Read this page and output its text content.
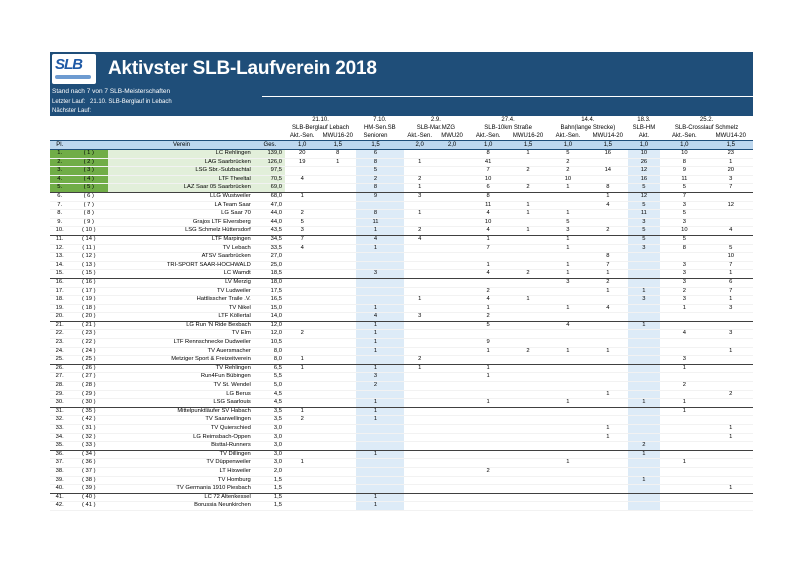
SLB Aktivster SLB-Laufverein 2018
Stand nach 7 von 7 SLB-Meisterschaften
Letzter Lauf: 21.10. SLB-Berglauf in Lebach
Nächster Lauf:
				21.10.		7.10.		2.9.		27.4.		14.4.		18.3.	25.2.	
				SLB-Berglauf Lebach		HM-Sen.SB		SLB-Mar.MZG		SLB-10km Straße		Bahn(lange Strecke)		SLB-HM	SLB-Crosslauf Schmelz	
				Akt.-Sen.	MWU16-20	Senioren		Akt.-Sen.	MWU20	Akt.-Sen.	MWU16-20	Akt.-Sen.	MWU14-20	Akt.	Akt.-Sen.	MWU14-20
Pl.		Verein	Ges.	1,0	1,5	1,5		2,0	2,0	1,0	1,5	1,0	1,5	1,0	1,0	1,5
1.	( 1 )	LC Rehlingen	139,0	20	8	6				8	1	5	16	10	10	23
2.	( 2 )	LAG Saarbrücken	126,0	19	1	8		1		41		2		26	8	1
3.	( 3 )	LSG Sbr.-Sulzbachtal	97,5			5				7	2	2	14	12	9	20
4.	( 4 )	LTF Theeltal	70,5	4		2		2		10		10		16	11	3
5.	( 5 )	LAZ Saar 05 Saarbrücken	69,0			8		1		6	2	1	8	5	5	7
6.	( 6 )	LLG Wustweiler	68,0	1		9		3		8			1	12	7	
7.	( 7 )	LA Team Saar	47,0							11	1		4	5	3	12
8.	( 8 )	LG Saar 70	44,0	2		8		1		4	1	1		11	5	
9.	( 9 )	Grajos LTF Elversberg	44,0	5		11				10		5		3	3	
10.	( 10 )	LSG Schmelz Hüttersdorf	43,5	3		1		2		4	1	3	2	5	10	4
11.	( 14 )	LTF Marpingen	34,5	7		4		4		1		1		5	5	
12.	( 11 )	TV Lebach	33,5	4		1				7		1		3	8	5
13.	( 12 )	ATSV Saarbrücken	27,0										8			10
14.	( 13 )	TRI-SPORT SAAR-HOCHWALD	25,0							1		1	7		3	7
15.	( 15 )	LC Wamdt	18,5			3				4	2	1	1		3	1
16.	( 16 )	LV Merzig	18,0									3	2		3	6
17.	( 17 )	TV Ludweiler	17,5							2			1	1	2	7
18.	( 19 )	Hattlisscher Traile .V.	16,5					1		4	1			3	3	1
19.	( 18 )	TV Nikel	15,0			1				1		1	4		1	3
20.	( 20 )	LTF Köllertal	14,0			4		3		2						
21.	( 21 )	LG Run 'N Ride Bexbach	12,0			1				5		4		1		
22.	( 23 )	TV Elm	12,0	2		1									4	3
23.	( 22 )	LTF Rennschnecke Dudweiler	10,5			1				9						
24.	( 24 )	TV Auersmacher	8,0			1				1	2	1	1			1
25.	( 25 )	Metziger Sport & Freizeitverein	8,0	1				2							3	
26.	( 26 )	TV Rehlingen	6,5	1		1		1		1					1	
27.	( 27 )	Run4Fun Bübingen	5,5			3				1						
28.	( 28 )	TV St. Wendel	5,0			2									2	
29.	( 29 )	LG Berus	4,5										1			2
30.	( 30 )	LSG Saarlouis	4,5			1				1		1		1	1	
31.	( 35 )	Mittelpunktläufer SV Habach	3,5	1		1									1	
32.	( 42 )	TV Saarwellingen	3,5	2		1										
33.	( 31 )	TV Quierschied	3,0										1			1
34.	( 32 )	LG Reimsbach-Oppen	3,0										1			1
35.	( 33 )	Bisttal-Runners	3,0											2		
36.	( 34 )	TV Dillingen	3,0			1								1		
37.	( 36 )	TV Düppenweiler	3,0	1								1			1	
38.	( 37 )	LT Hixweiler	2,0							2						
39.	( 38 )	TV Homburg	1,5											1		
40.	( 39 )	TV Germania 1910 Piesbach	1,5													1
41.	( 40 )	LC 72 Altenkessel	1,5			1										
42.	( 41 )	Borussia Neunkirchen	1,5			1										
